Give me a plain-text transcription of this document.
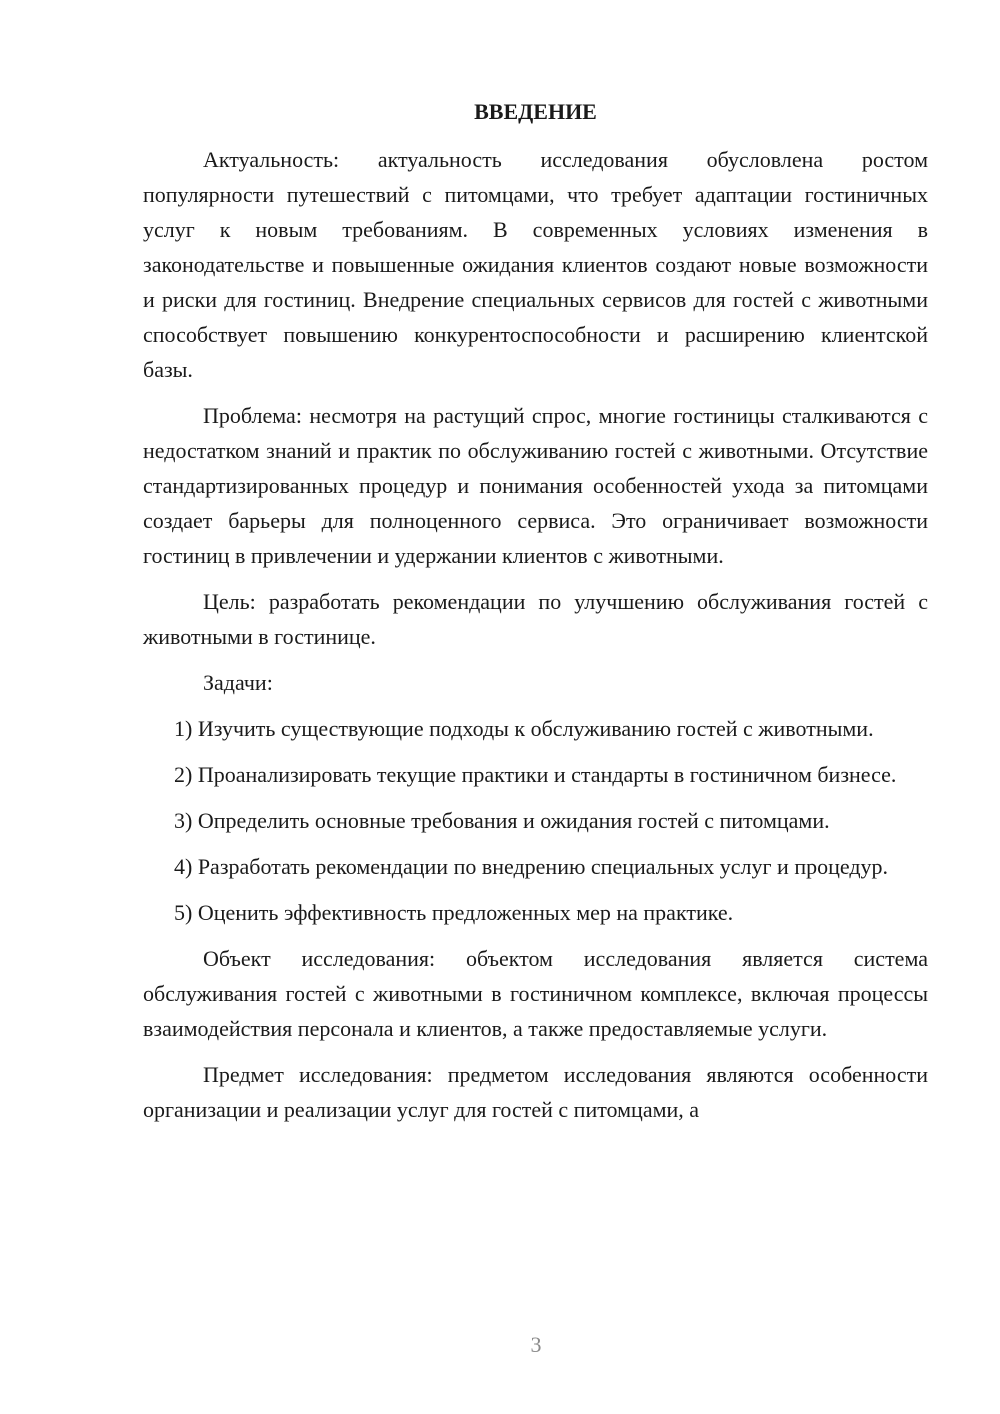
ВВЕДЕНИЕ

Актуальность: актуальность исследования обусловлена ростом популярности путешествий с питомцами, что требует адаптации гостиничных услуг к новым требованиям. В современных условиях изменения в законодательстве и повышенные ожидания клиентов создают новые возможности и риски для гостиниц. Внедрение специальных сервисов для гостей с животными способствует повышению конкурентоспособности и расширению клиентской базы.

Проблема: несмотря на растущий спрос, многие гостиницы сталкиваются с недостатком знаний и практик по обслуживанию гостей с животными. Отсутствие стандартизированных процедур и понимания особенностей ухода за питомцами создает барьеры для полноценного сервиса. Это ограничивает возможности гостиниц в привлечении и удержании клиентов с животными.

Цель: разработать рекомендации по улучшению обслуживания гостей с животными в гостинице.

Задачи:

1) Изучить существующие подходы к обслуживанию гостей с животными.

2) Проанализировать текущие практики и стандарты в гостиничном бизнесе.

3) Определить основные требования и ожидания гостей с питомцами.

4) Разработать рекомендации по внедрению специальных услуг и процедур.

5) Оценить эффективность предложенных мер на практике.

Объект исследования: объектом исследования является система обслуживания гостей с животными в гостиничном комплексе, включая процессы взаимодействия персонала и клиентов, а также предоставляемые услуги.

Предмет исследования: предметом исследования являются особенности организации и реализации услуг для гостей с питомцами, а

3
